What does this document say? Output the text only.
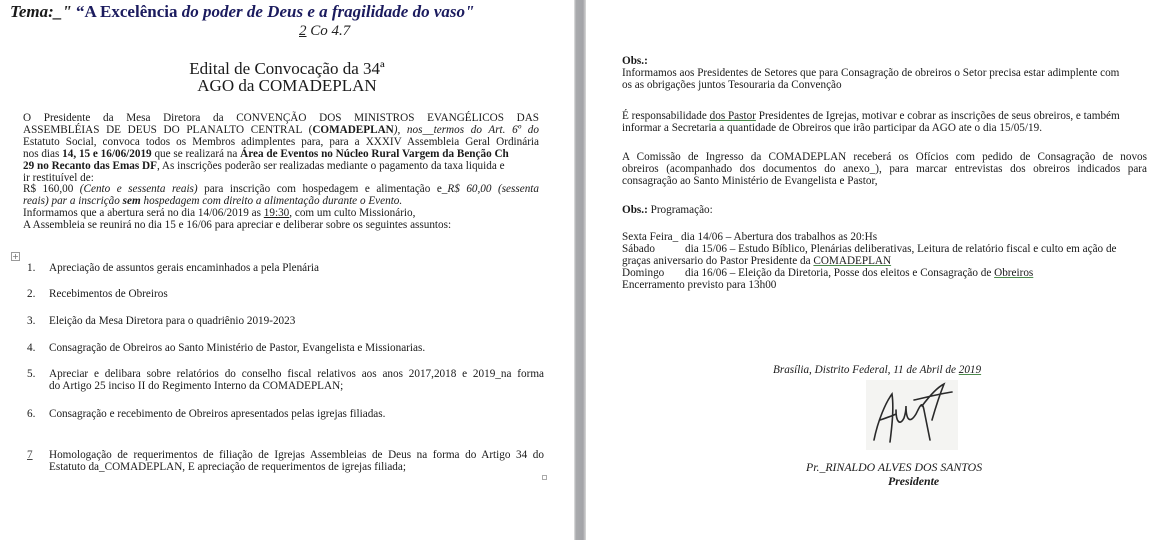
Tema:_" “A Excelência do poder de Deus e a fragilidade do vaso"
2 Co 4.7
Edital de Convocação da 34ª
AGO da COMADEPLAN
O Presidente da Mesa Diretora da CONVENÇÃO DOS MINISTROS EVANGÉLICOS DAS
ASSEMBLÉIAS DE DEUS DO PLANALTO CENTRAL (COMADEPLAN), nos__termos do Art. 6º do
Estatuto Social, convoca todos os Membros adimplentes para, para a XXXIV Assembleia Geral Ordinária
nos dias 14, 15 e 16/06/2019 que se realizará na Área de Eventos no Núcleo Rural Vargem da Benção Ch
29 no Recanto das Emas DF, As inscrições poderão ser realizadas mediante o pagamento da taxa liquida e
ir restituível de:
R$ 160,00 (Cento e sessenta reais) para inscrição com hospedagem e alimentação e_R$ 60,00 (sessenta
reais) par a inscrição sem hospedagem com direito a alimentação durante o Evento.
Informamos que a abertura será no dia 14/06/2019 as 19:30, com um culto Missionário,
A Assembleia se reunirá no dia 15 e 16/06 para apreciar e deliberar sobre os seguintes assuntos:
+
1. Apreciação de assuntos gerais encaminhados a pela Plenária
2. Recebimentos de Obreiros
3. Eleição da Mesa Diretora para o quadriênio 2019-2023
4. Consagração de Obreiros ao Santo Ministério de Pastor, Evangelista e Missionarias.
5. Apreciar e delibara sobre relatórios do conselho fiscal relativos aos anos 2017,2018 e 2019_na forma
do Artigo 25 inciso II do Regimento Interno da COMADEPLAN;
6. Consagração e recebimento de Obreiros apresentados pelas igrejas filiadas.
7 Homologação de requerimentos de filiação de Igrejas Assembleias de Deus na forma do Artigo 34 do
Estatuto da_COMADEPLAN, E apreciação de requerimentos de igrejas filiada;
Obs.:
Informamos aos Presidentes de Setores que para Consagração de obreiros o Setor precisa estar adimplente com
os as obrigações juntos Tesouraria da Convenção
É responsabilidade dos Pastor Presidentes de Igrejas, motivar e cobrar as inscrições de seus obreiros, e também
informar a Secretaria a quantidade de Obreiros que irão participar da AGO ate o dia 15/05/19.
A Comissão de Ingresso da COMADEPLAN receberá os Ofícios com pedido de Consagração de novos
obreiros (acompanhado dos documentos do anexo_), para marcar entrevistas dos obreiros indicados para
consagração ao Santo Ministério de Evangelista e Pastor,
Obs.: Programação:
Sexta Feira_ dia 14/06 – Abertura dos trabalhos as 20:Hs
Sábado	dia 15/06 – Estudo Bíblico, Plenárias deliberativas, Leitura de relatório fiscal e culto em ação de
graças aniversario do Pastor Presidente da COMADEPLAN
Domingo dia 16/06 – Eleição da Diretoria, Posse dos eleitos e Consagração de Obreiros
Encerramento previsto para 13h00
Brasília, Distrito Federal, 11 de Abril de 2019
Pr._RINALDO ALVES DOS SANTOS
Presidente
